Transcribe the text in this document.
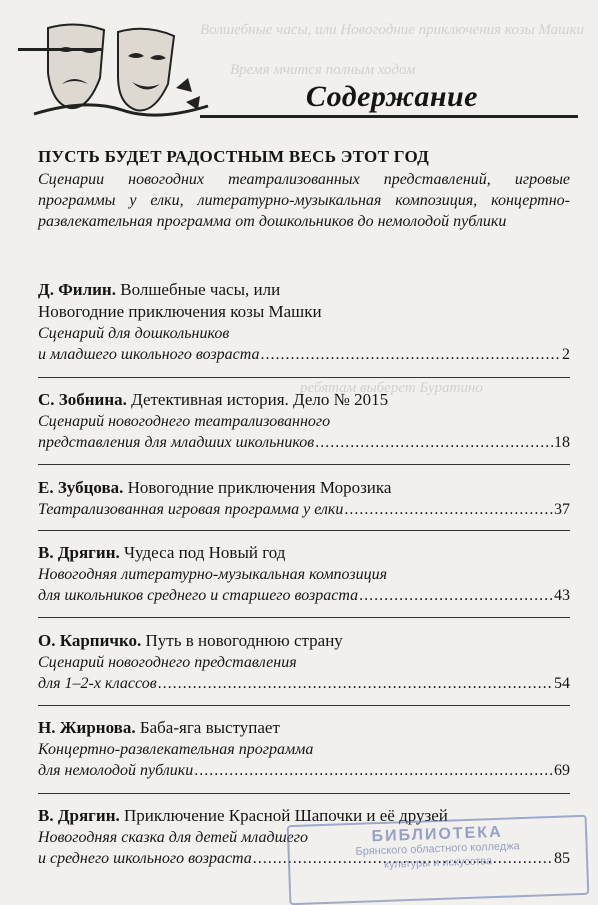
Волшебные часы, или Новогодние приключения козы Машки
Время мчится полным ходом
ребятам выберет Буратино
Содержание
ПУСТЬ БУДЕТ РАДОСТНЫМ ВЕСЬ ЭТОТ ГОД
Сценарии новогодних театрализованных представлений, игровые программы у елки, литературно-музыкальная композиция, концертно-развлекательная программа от дошкольников до немолодой публики
Д. Филин. Волшебные часы, или
Новогодние приключения козы Машки
Сценарий для дошкольников
и младшего школьного возраста .....	2
С. Зобнина. Детективная история. Дело № 2015
Сценарий новогоднего театрализованного
представления для младших школьников .....	18
Е. Зубцова. Новогодние приключения Морозика
Театрализованная игровая программа у елки .....	37
В. Дрягин. Чудеса под Новый год
Новогодняя литературно-музыкальная композиция
для школьников среднего и старшего возраста .....	43
О. Карпичко. Путь в новогоднюю страну
Сценарий новогоднего представления
для 1–2-х классов .....	54
Н. Жирнова. Баба-яга выступает
Концертно-развлекательная программа
для немолодой публики .....	69
В. Дрягин. Приключение Красной Шапочки и её друзей
Новогодняя сказка для детей младшего
и среднего школьного возраста .....	85
БИБЛИОТЕКА
Брянского областного колледжа
культуры и искусства
